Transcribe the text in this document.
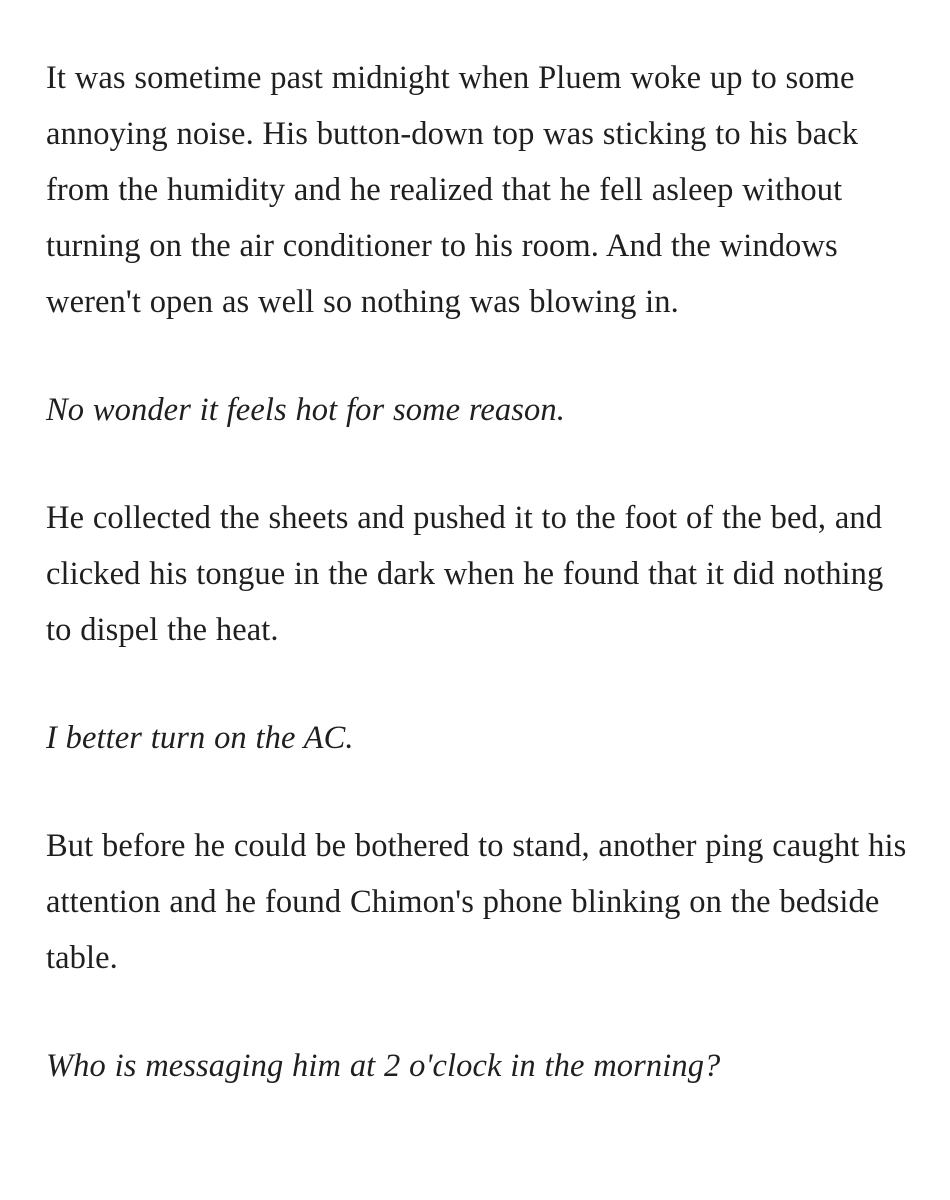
It was sometime past midnight when Pluem woke up to some annoying noise. His button-down top was sticking to his back from the humidity and he realized that he fell asleep without turning on the air conditioner to his room. And the windows weren't open as well so nothing was blowing in.

No wonder it feels hot for some reason.

He collected the sheets and pushed it to the foot of the bed, and clicked his tongue in the dark when he found that it did nothing to dispel the heat.

I better turn on the AC.

But before he could be bothered to stand, another ping caught his attention and he found Chimon's phone blinking on the bedside table.

Who is messaging him at 2 o'clock in the morning?
